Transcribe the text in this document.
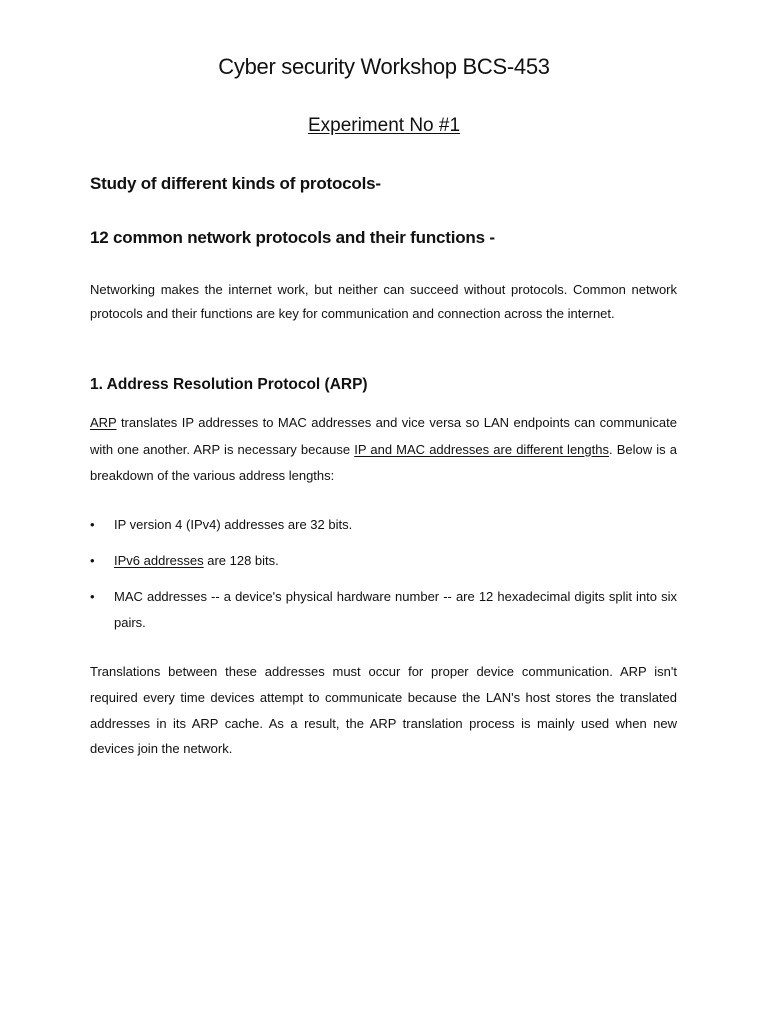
Cyber security Workshop BCS-453
Experiment No #1
Study of different kinds of protocols-
12 common network protocols and their functions -

Networking makes the internet work, but neither can succeed without protocols. Common network protocols and their functions are key for communication and connection across the internet.

1. Address Resolution Protocol (ARP)

ARP translates IP addresses to MAC addresses and vice versa so LAN endpoints can communicate with one another. ARP is necessary because IP and MAC addresses are different lengths. Below is a breakdown of the various address lengths:

• IP version 4 (IPv4) addresses are 32 bits.
• IPv6 addresses are 128 bits.
• MAC addresses -- a device's physical hardware number -- are 12 hexadecimal digits split into six pairs.

Translations between these addresses must occur for proper device communication. ARP isn't required every time devices attempt to communicate because the LAN's host stores the translated addresses in its ARP cache. As a result, the ARP translation process is mainly used when new devices join the network.
